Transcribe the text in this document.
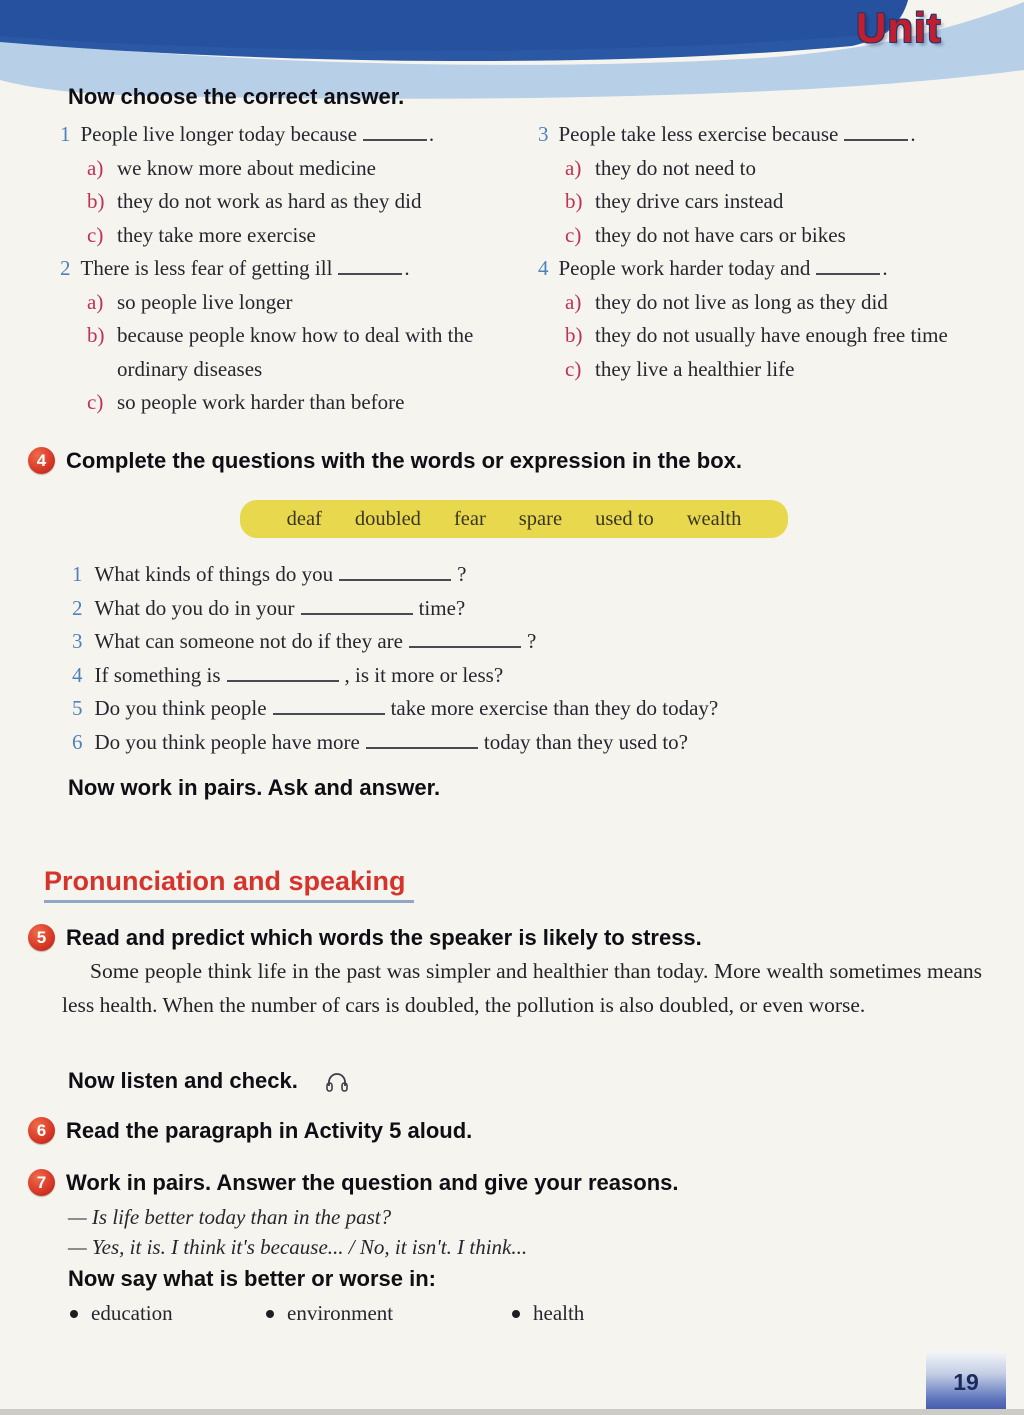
Unit
Now choose the correct answer.
1 People live longer today because	.
a) we know more about medicine
b) they do not work as hard as they did
c) they take more exercise
2 There is less fear of getting ill	.
a) so people live longer
b) because people know how to deal with the ordinary diseases
c) so people work harder than before
3 People take less exercise because	.
a) they do not need to
b) they drive cars instead
c) they do not have cars or bikes
4 People work harder today and	.
a) they do not live as long as they did
b) they do not usually have enough free time
c) they live a healthier life
4 Complete the questions with the words or expression in the box.
deaf doubled fear spare used to wealth
1 What kinds of things do you	?
2 What do you do in your	time?
3 What can someone not do if they are	?
4 If something is	, is it more or less?
5 Do you think people	take more exercise than they do today?
6 Do you think people have more	today than they used to?
Now work in pairs. Ask and answer.
Pronunciation and speaking
5 Read and predict which words the speaker is likely to stress.
Some people think life in the past was simpler and healthier than today. More wealth sometimes means less health. When the number of cars is doubled, the pollution is also doubled, or even worse.
Now listen and check.
6 Read the paragraph in Activity 5 aloud.
7 Work in pairs. Answer the question and give your reasons.
— Is life better today than in the past?
— Yes, it is. I think it's because... / No, it isn't. I think...
Now say what is better or worse in:
education	environment	health
19
